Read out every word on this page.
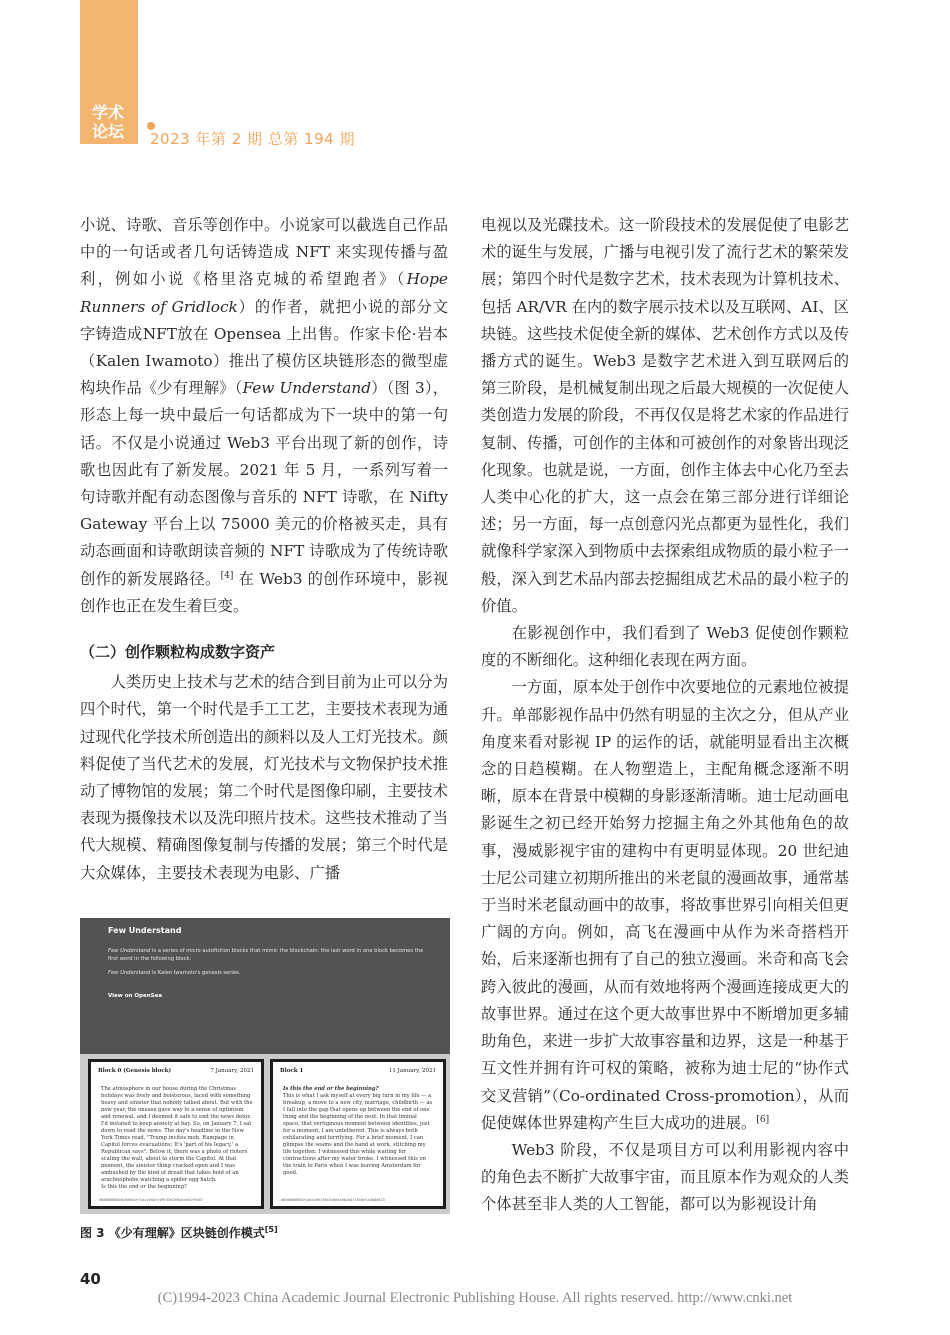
学术
论坛 2023 年第 2 期 总第 194 期

小说、诗歌、音乐等创作中。小说家可以截选自己作品中的一句话或者几句话铸造成 NFT 来实现传播与盈利，例如小说《格里洛克城的希望跑者》（Hope Runners of Gridlock）的作者，就把小说的部分文字铸造成NFT放在 Opensea 上出售。作家卡伦·岩本（Kalen Iwamoto）推出了模仿区块链形态的微型虚构块作品《少有理解》（Few Understand）（图 3），形态上每一块中最后一句话都成为下一块中的第一句话。不仅是小说通过 Web3 平台出现了新的创作，诗歌也因此有了新发展。2021 年 5 月，一系列写着一句诗歌并配有动态图像与音乐的 NFT 诗歌，在 Nifty Gateway 平台上以 75000 美元的价格被买走，具有动态画面和诗歌朗读音频的 NFT 诗歌成为了传统诗歌创作的新发展路径。[4] 在 Web3 的创作环境中，影视创作也正在发生着巨变。

（二）创作颗粒构成数字资产

人类历史上技术与艺术的结合到目前为止可以分为四个时代，第一个时代是手工工艺，主要技术表现为通过现代化学技术所创造出的颜料以及人工灯光技术。颜料促使了当代艺术的发展，灯光技术与文物保护技术推动了博物馆的发展；第二个时代是图像印刷，主要技术表现为摄像技术以及洗印照片技术。这些技术推动了当代大规模、精确图像复制与传播的发展；第三个时代是大众媒体，主要技术表现为电影、广播

电视以及光碟技术。这一阶段技术的发展促使了电影艺术的诞生与发展，广播与电视引发了流行艺术的繁荣发展；第四个时代是数字艺术，技术表现为计算机技术、包括 AR/VR 在内的数字展示技术以及互联网、AI、区块链。这些技术促使全新的媒体、艺术创作方式以及传播方式的诞生。Web3 是数字艺术进入到互联网后的第三阶段，是机械复制出现之后最大规模的一次促使人类创造力发展的阶段，不再仅仅是将艺术家的作品进行复制、传播，可创作的主体和可被创作的对象皆出现泛化现象。也就是说，一方面，创作主体去中心化乃至去人类中心化的扩大，这一点会在第三部分进行详细论述；另一方面，每一点创意闪光点都更为显性化，我们就像科学家深入到物质中去探索组成物质的最小粒子一般，深入到艺术品内部去挖掘组成艺术品的最小粒子的价值。

在影视创作中，我们看到了 Web3 促使创作颗粒度的不断细化。这种细化表现在两方面。

一方面，原本处于创作中次要地位的元素地位被提升。单部影视作品中仍然有明显的主次之分，但从产业角度来看对影视 IP 的运作的话，就能明显看出主次概念的日趋模糊。在人物塑造上，主配角概念逐渐不明晰，原本在背景中模糊的身影逐渐清晰。迪士尼动画电影诞生之初已经开始努力挖掘主角之外其他角色的故事，漫威影视宇宙的建构中有更明显体现。20 世纪迪士尼公司建立初期所推出的米老鼠的漫画故事，通常基于当时米老鼠动画中的故事，将故事世界引向相关但更广阔的方向。例如，高飞在漫画中从作为米奇搭档开始，后来逐渐也拥有了自己的独立漫画。米奇和高飞会跨入彼此的漫画，从而有效地将两个漫画连接成更大的故事世界。通过在这个更大故事世界中不断增加更多辅助角色，来进一步扩大故事容量和边界，这是一种基于互文性并拥有许可权的策略，被称为迪士尼的“协作式交叉营销”（Co-ordinated Cross-promotion），从而促使媒体世界建构产生巨大成功的进展。[6]

Web3 阶段，不仅是项目方可以利用影视内容中的角色去不断扩大故事宇宙，而且原本作为观众的人类个体甚至非人类的人工智能，都可以为影视设计角

Few Understand
Few Understand is a series of micro autofiction blocks that mimic the blockchain: the last word in one block becomes the first word in the following block.
Few Understand is Kalen Iwamoto's genesis series.
View on OpenSea
Block 0 (Genesis block)	7 January, 2021
The atmosphere in our house during the Christmas holidays was lively and boisterous, laced with something heavy and sinister that nobody talked about. But with the new year, the unease gave way to a sense of optimism and renewal, and I deemed it safe to end the news detox I'd instated to keep anxiety at bay. So, on January 7, I sat down to read the news. The day's headline in the New York Times read, "Trump incites mob. Rampage in Capitol forces evacuations; It's 'part of his legacy,' a Republican says". Below it, there was a photo of rioters scaling the wall, about to storm the Capitol. At that moment, the sinister thing cracked open and I was ambushed by the kind of dread that takes hold of an arachnophobe watching a spider egg hatch.
Is this the end or the beginning?
0000000000d19a6b4ff1ac2e5b7c09f35d2e8a4c6b1f9e07
Block 1	11 January, 2021
Is this the end or the beginning?
This is what I ask myself at every big turn in my life — a breakup, a move to a new city, marriage, childbirth — as I fall into the gap that opens up between the end of one thing and the beginning of the next. In that liminal space, that vertiginous moment between identities, just for a moment, I am untethered. This is always both exhilarating and terrifying. For a brief moment, I can glimpse the seams and the hand at work, stitching my life together. I witnessed this while waiting for contractions after my water broke. I witnessed this on the train to Paris when I was leaving Amsterdam for good.
00000000007c4e2a9b1f0d3c8e5a6b2d4f19c0e7a3b8d615
图 3 《少有理解》区块链创作模式[5]
40
(C)1994-2023 China Academic Journal Electronic Publishing House. All rights reserved. http://www.cnki.net
